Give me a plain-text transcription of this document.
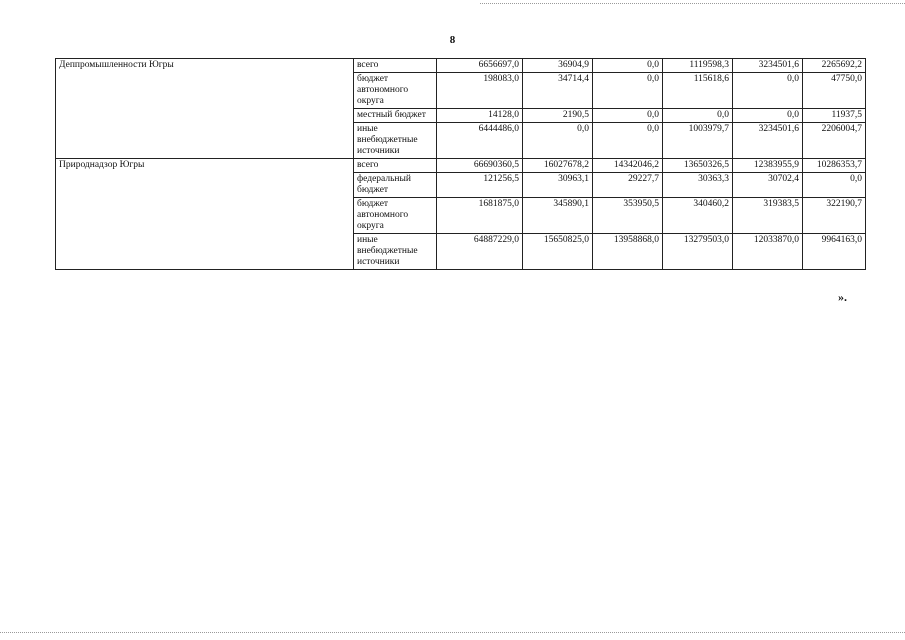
8
Деппромышленности Югры	всего	6656697,0	36904,9	0,0	1119598,3	3234501,6	2265692,2
	бюджет автономного округа	198083,0	34714,4	0,0	115618,6	0,0	47750,0
	местный бюджет	14128,0	2190,5	0,0	0,0	0,0	11937,5
	иные внебюджетные источники	6444486,0	0,0	0,0	1003979,7	3234501,6	2206004,7
Природнадзор Югры	всего	66690360,5	16027678,2	14342046,2	13650326,5	12383955,9	10286353,7
	федеральный бюджет	121256,5	30963,1	29227,7	30363,3	30702,4	0,0
	бюджет автономного округа	1681875,0	345890,1	353950,5	340460,2	319383,5	322190,7
	иные внебюджетные источники	64887229,0	15650825,0	13958868,0	13279503,0	12033870,0	9964163,0
».
